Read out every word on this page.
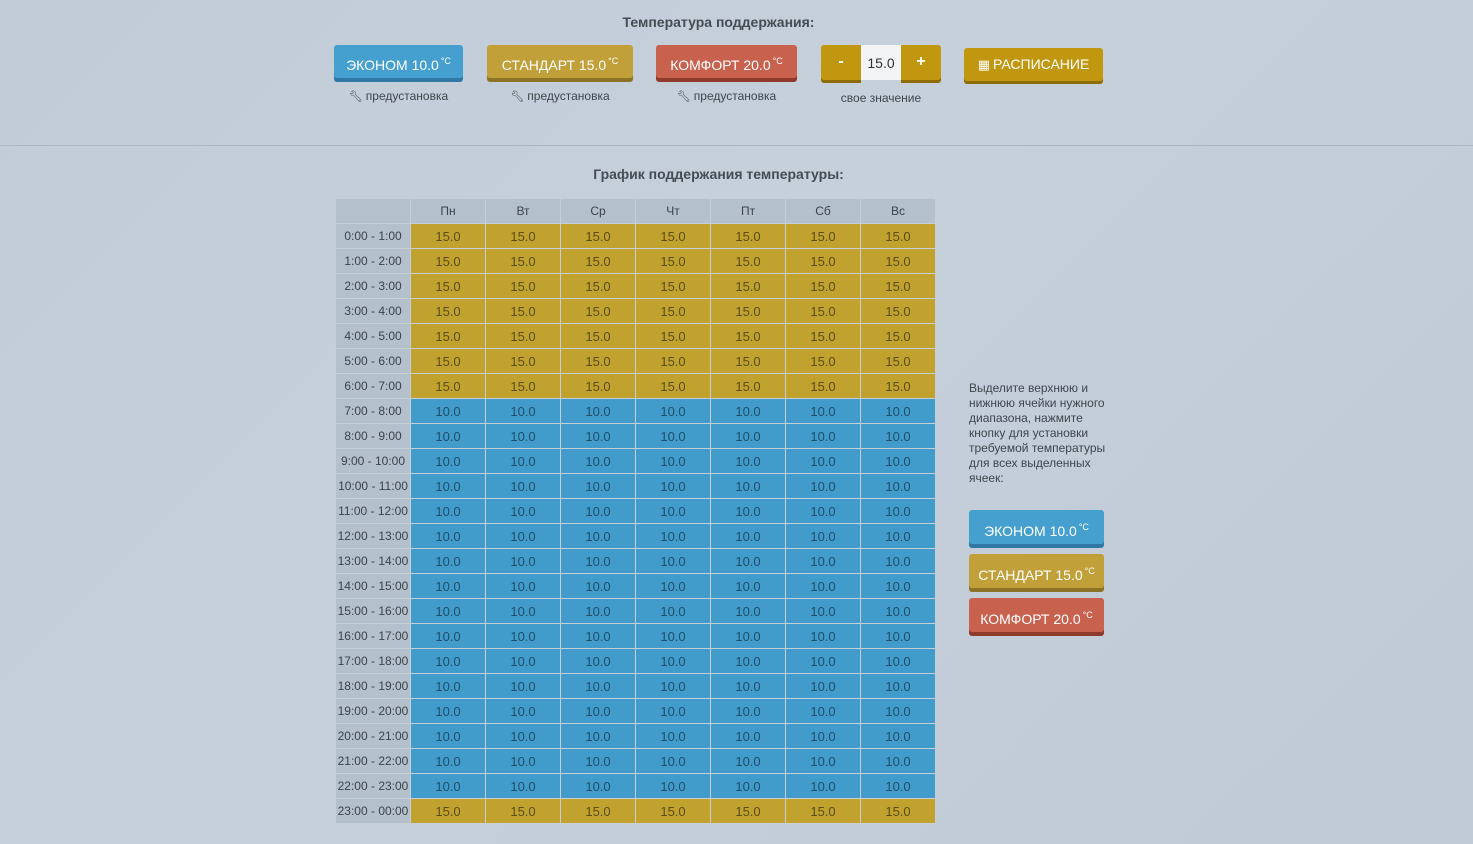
Температура поддержания:
ЭКОНОМ 10.0 $^{^\circ C}$
🔧︎ предустановка
СТАНДАРТ 15.0 $^{^\circ C}$
🔧︎ предустановка
КОМФОРТ 20.0 $^{^\circ C}$
🔧︎ предустановка
-
15.0	+
свое значение
▦ РАСПИСАНИЕ
График поддержания температуры:
	Пн	Вт	Ср	Чт	Пт	Сб	Вс
0:00 - 1:00	15.0	15.0	15.0	15.0	15.0	15.0	15.0
1:00 - 2:00	15.0	15.0	15.0	15.0	15.0	15.0	15.0
2:00 - 3:00	15.0	15.0	15.0	15.0	15.0	15.0	15.0
3:00 - 4:00	15.0	15.0	15.0	15.0	15.0	15.0	15.0
4:00 - 5:00	15.0	15.0	15.0	15.0	15.0	15.0	15.0
5:00 - 6:00	15.0	15.0	15.0	15.0	15.0	15.0	15.0
6:00 - 7:00	15.0	15.0	15.0	15.0	15.0	15.0	15.0
7:00 - 8:00	10.0	10.0	10.0	10.0	10.0	10.0	10.0
8:00 - 9:00	10.0	10.0	10.0	10.0	10.0	10.0	10.0
9:00 - 10:00	10.0	10.0	10.0	10.0	10.0	10.0	10.0
10:00 - 11:00	10.0	10.0	10.0	10.0	10.0	10.0	10.0
11:00 - 12:00	10.0	10.0	10.0	10.0	10.0	10.0	10.0
12:00 - 13:00	10.0	10.0	10.0	10.0	10.0	10.0	10.0
13:00 - 14:00	10.0	10.0	10.0	10.0	10.0	10.0	10.0
14:00 - 15:00	10.0	10.0	10.0	10.0	10.0	10.0	10.0
15:00 - 16:00	10.0	10.0	10.0	10.0	10.0	10.0	10.0
16:00 - 17:00	10.0	10.0	10.0	10.0	10.0	10.0	10.0
17:00 - 18:00	10.0	10.0	10.0	10.0	10.0	10.0	10.0
18:00 - 19:00	10.0	10.0	10.0	10.0	10.0	10.0	10.0
19:00 - 20:00	10.0	10.0	10.0	10.0	10.0	10.0	10.0
20:00 - 21:00	10.0	10.0	10.0	10.0	10.0	10.0	10.0
21:00 - 22:00	10.0	10.0	10.0	10.0	10.0	10.0	10.0
22:00 - 23:00	10.0	10.0	10.0	10.0	10.0	10.0	10.0
23:00 - 00:00	15.0	15.0	15.0	15.0	15.0	15.0	15.0
Выделите верхнюю и нижнюю ячейки нужного диапазона, нажмите кнопку для установки требуемой температуры для всех выделенных ячеек:
ЭКОНОМ 10.0 $^{^\circ C}$
СТАНДАРТ 15.0 $^{^\circ C}$
КОМФОРТ 20.0 $^{^\circ C}$
